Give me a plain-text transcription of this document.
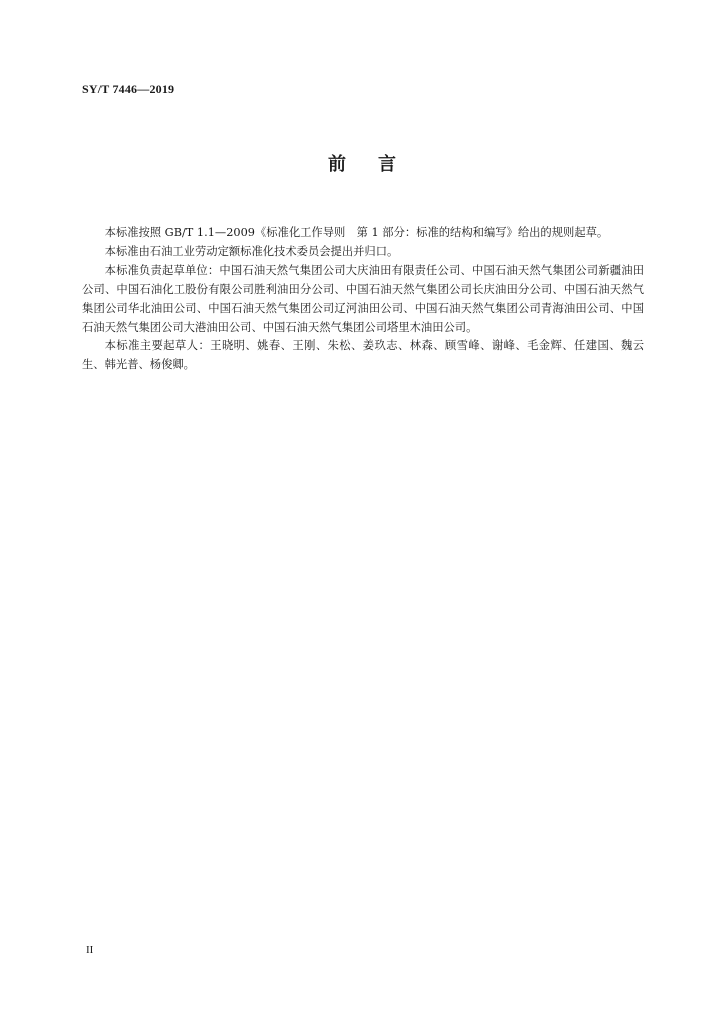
SY/T 7446—2019
前言

本标准按照 GB/T 1.1—2009《标准化工作导则　第 1 部分：标准的结构和编写》给出的规则起草。

本标准由石油工业劳动定额标准化技术委员会提出并归口。

本标准负责起草单位：中国石油天然气集团公司大庆油田有限责任公司、中国石油天然气集团公司新疆油田公司、中国石油化工股份有限公司胜利油田分公司、中国石油天然气集团公司长庆油田分公司、中国石油天然气集团公司华北油田公司、中国石油天然气集团公司辽河油田公司、中国石油天然气集团公司青海油田公司、中国石油天然气集团公司大港油田公司、中国石油天然气集团公司塔里木油田公司。

本标准主要起草人：王晓明、姚春、王刚、朱松、姜玖志、林森、顾雪峰、谢峰、毛金辉、任建国、魏云生、韩光普、杨俊卿。

II
